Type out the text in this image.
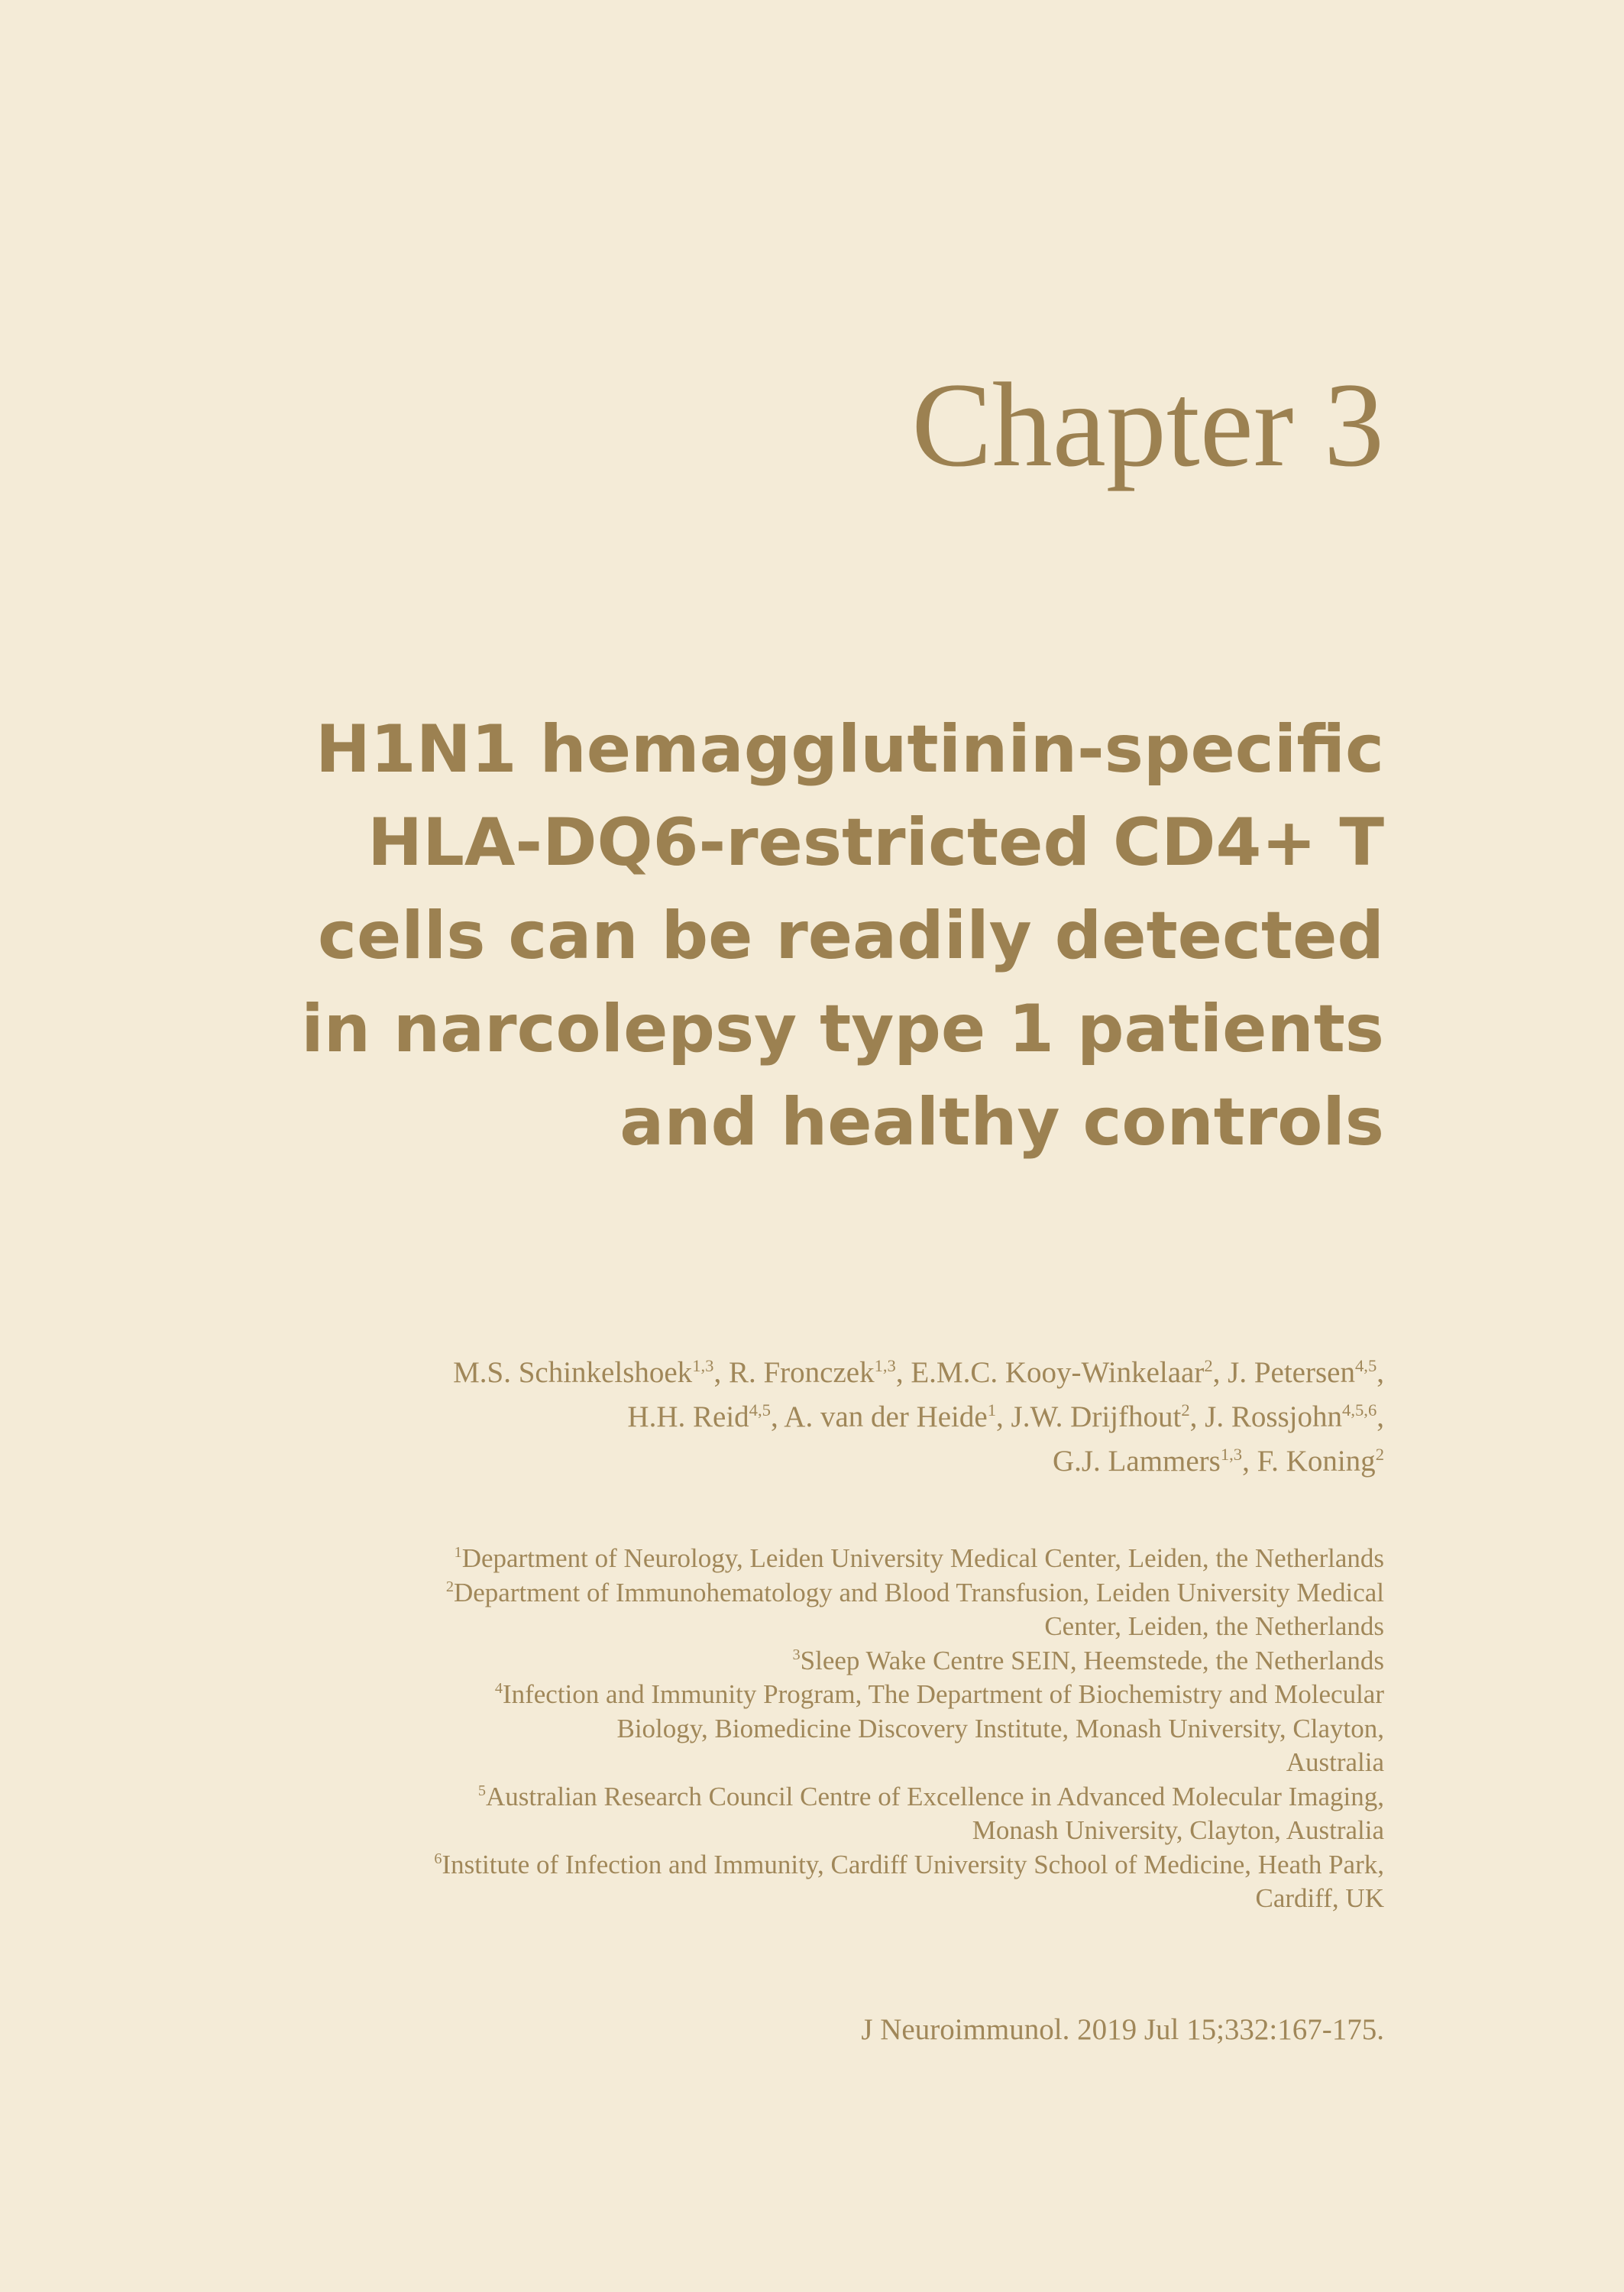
Chapter 3
H1N1 hemagglutinin-specific
HLA-DQ6-restricted CD4+ T
cells can be readily detected
in narcolepsy type 1 patients
and healthy controls
M.S. Schinkelshoek$^{1,3}$, R. Fronczek$^{1,3}$, E.M.C. Kooy-Winkelaar$^2$, J. Petersen$^{4,5}$,
H.H. Reid$^{4,5}$, A. van der Heide$^1$, J.W. Drijfhout$^2$, J. Rossjohn$^{4,5,6}$,
G.J. Lammers$^{1,3}$, F. Koning$^2$
$^1$Department of Neurology, Leiden University Medical Center, Leiden, the Netherlands
$^2$Department of Immunohematology and Blood Transfusion, Leiden University Medical
Center, Leiden, the Netherlands
$^3$Sleep Wake Centre SEIN, Heemstede, the Netherlands
$^4$Infection and Immunity Program, The Department of Biochemistry and Molecular
Biology, Biomedicine Discovery Institute, Monash University, Clayton,
Australia
$^5$Australian Research Council Centre of Excellence in Advanced Molecular Imaging,
Monash University, Clayton, Australia
$^6$Institute of Infection and Immunity, Cardiff University School of Medicine, Heath Park,
Cardiff, UK
J Neuroimmunol. 2019 Jul 15;332:167-175.
